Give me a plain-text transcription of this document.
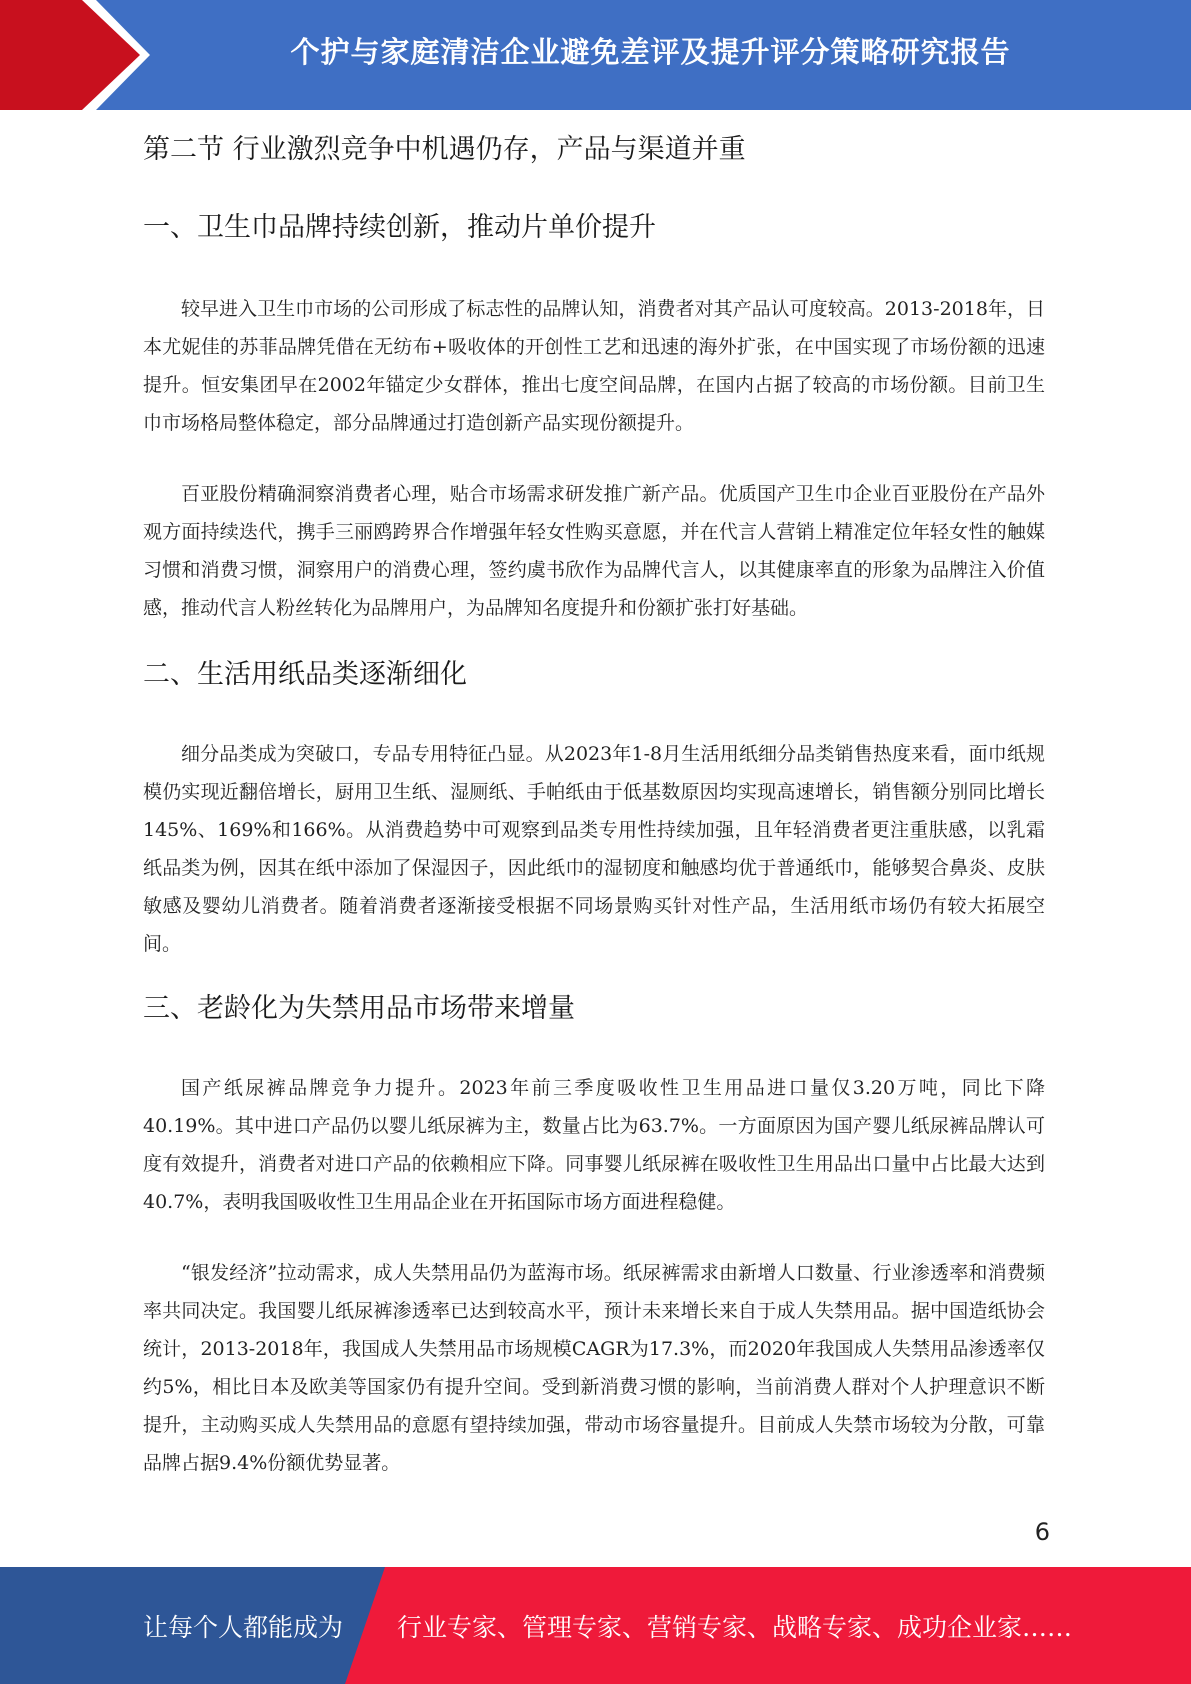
个护与家庭清洁企业避免差评及提升评分策略研究报告
第二节 行业激烈竞争中机遇仍存，产品与渠道并重
一、卫生巾品牌持续创新，推动片单价提升

较早进入卫生巾市场的公司形成了标志性的品牌认知，消费者对其产品认可度较高。2013-2018年，日本尤妮佳的苏菲品牌凭借在无纺布+吸收体的开创性工艺和迅速的海外扩张，在中国实现了市场份额的迅速提升。恒安集团早在2002年锚定少女群体，推出七度空间品牌，在国内占据了较高的市场份额。目前卫生巾市场格局整体稳定，部分品牌通过打造创新产品实现份额提升。

百亚股份精确洞察消费者心理，贴合市场需求研发推广新产品。优质国产卫生巾企业百亚股份在产品外观方面持续迭代，携手三丽鸥跨界合作增强年轻女性购买意愿，并在代言人营销上精准定位年轻女性的触媒习惯和消费习惯，洞察用户的消费心理，签约虞书欣作为品牌代言人，以其健康率直的形象为品牌注入价值感，推动代言人粉丝转化为品牌用户，为品牌知名度提升和份额扩张打好基础。

二、生活用纸品类逐渐细化

细分品类成为突破口，专品专用特征凸显。从2023年1-8月生活用纸细分品类销售热度来看，面巾纸规模仍实现近翻倍增长，厨用卫生纸、湿厕纸、手帕纸由于低基数原因均实现高速增长，销售额分别同比增长145%、169%和166%。从消费趋势中可观察到品类专用性持续加强，且年轻消费者更注重肤感，以乳霜纸品类为例，因其在纸中添加了保湿因子，因此纸巾的湿韧度和触感均优于普通纸巾，能够契合鼻炎、皮肤敏感及婴幼儿消费者。随着消费者逐渐接受根据不同场景购买针对性产品，生活用纸市场仍有较大拓展空间。

三、老龄化为失禁用品市场带来增量

国产纸尿裤品牌竞争力提升。2023年前三季度吸收性卫生用品进口量仅3.20万吨，同比下降40.19%。其中进口产品仍以婴儿纸尿裤为主，数量占比为63.7%。一方面原因为国产婴儿纸尿裤品牌认可度有效提升，消费者对进口产品的依赖相应下降。同事婴儿纸尿裤在吸收性卫生用品出口量中占比最大达到40.7%，表明我国吸收性卫生用品企业在开拓国际市场方面进程稳健。

“银发经济”拉动需求，成人失禁用品仍为蓝海市场。纸尿裤需求由新增人口数量、行业渗透率和消费频率共同决定。我国婴儿纸尿裤渗透率已达到较高水平，预计未来增长来自于成人失禁用品。据中国造纸协会统计，2013-2018年，我国成人失禁用品市场规模CAGR为17.3%，而2020年我国成人失禁用品渗透率仅约5%，相比日本及欧美等国家仍有提升空间。受到新消费习惯的影响，当前消费人群对个人护理意识不断提升，主动购买成人失禁用品的意愿有望持续加强，带动市场容量提升。目前成人失禁市场较为分散，可靠品牌占据9.4%份额优势显著。

6
让每个人都能成为 行业专家、管理专家、营销专家、战略专家、成功企业家……
